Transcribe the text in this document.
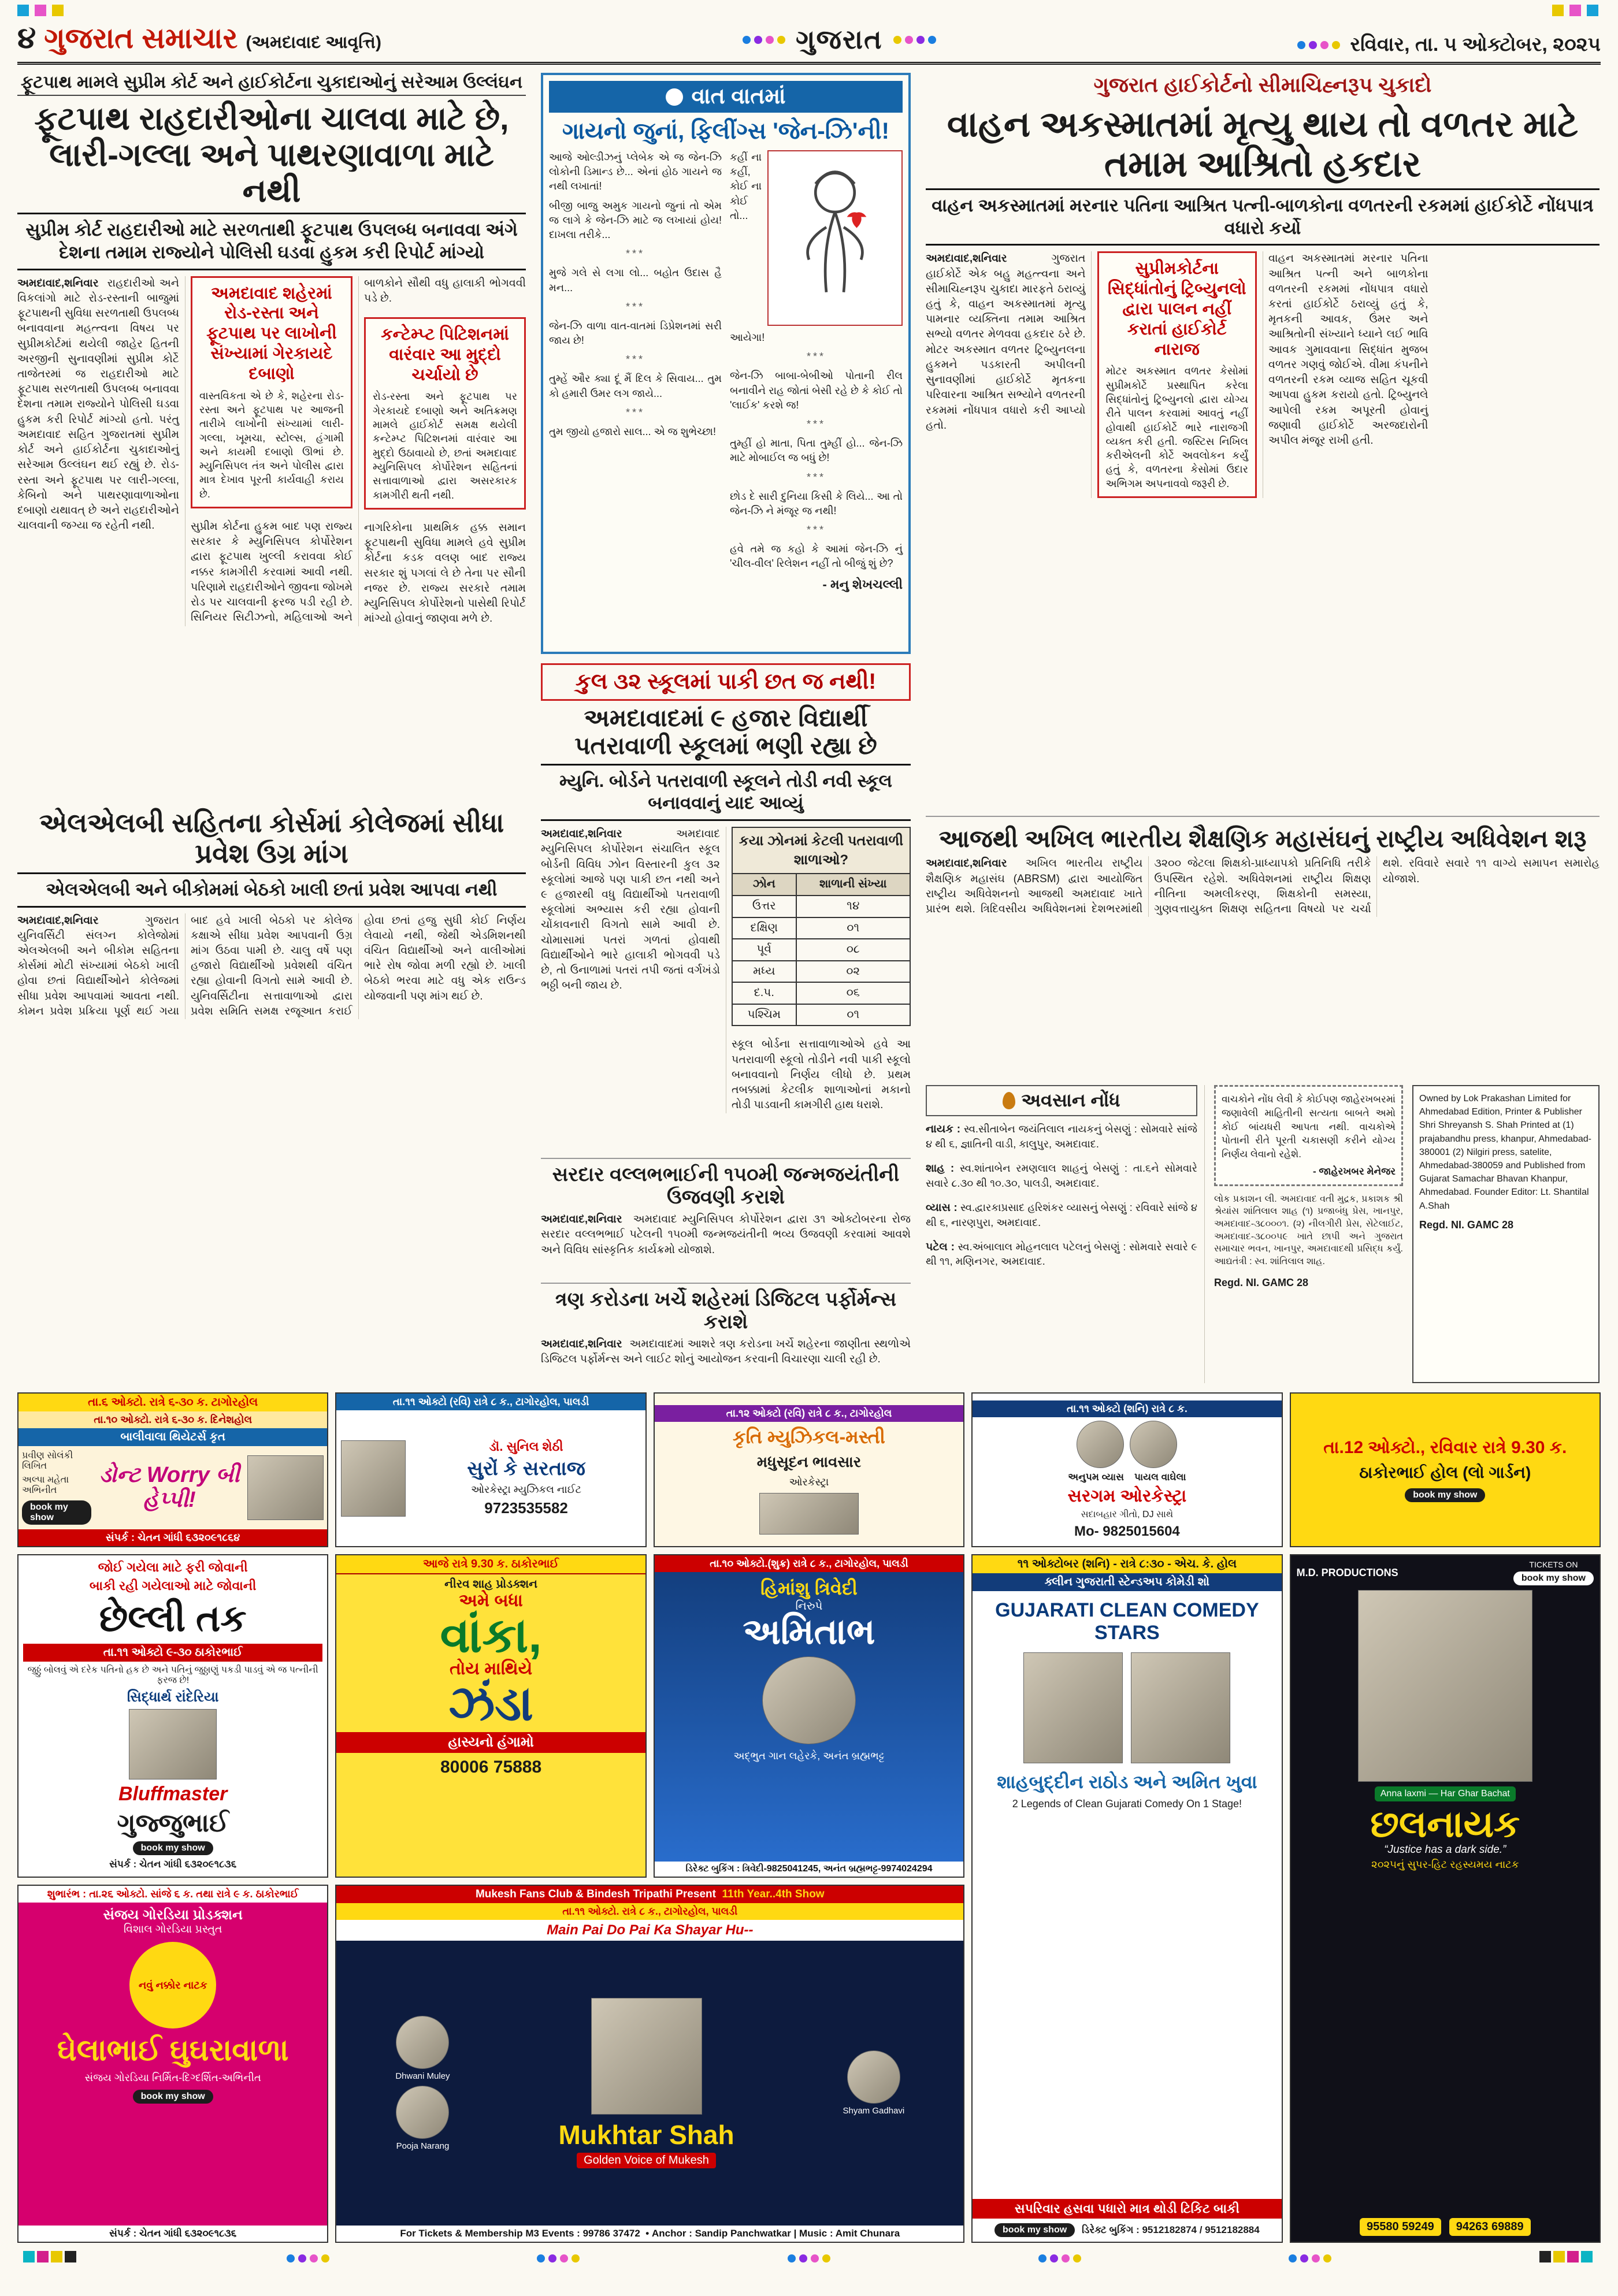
૪ ગુજરાત સમાચાર (અમદાવાદ આવૃત્તિ)	ગુજરાત	રવિવાર, તા. ૫ ઓક્ટોબર, ૨૦૨૫
ફૂટપાથ મામલે સુપ્રીમ કોર્ટ અને હાઈકોર્ટના ચુકાદાઓનું સરેઆમ ઉલ્લંઘન
ફૂટપાથ રાહદારીઓના ચાલવા માટે છે, લારી-ગલ્લા અને પાથરણાવાળા માટે નથી
સુપ્રીમ કોર્ટ રાહદારીઓ માટે સરળતાથી ફૂટપાથ ઉપલબ્ધ બનાવવા અંગે દેશના તમામ રાજ્યોને પોલિસી ઘડવા હુકમ કરી રિપોર્ટ માંગ્યો

અમદાવાદ,શનિવાર રાહદારીઓ અને વિકલાંગો માટે રોડ-રસ્તાની બાજુમાં ફૂટપાથની સુવિધા સરળતાથી ઉપલબ્ધ બનાવવાના મહત્ત્વના વિષય પર સુપ્રીમકોર્ટમાં થયેલી જાહેર હિતની અરજીની સુનાવણીમાં સુપ્રીમ કોર્ટે તાજેતરમાં જ રાહદારીઓ માટે ફૂટપાથ સરળતાથી ઉપલબ્ધ બનાવવા દેશના તમામ રાજ્યોને પોલિસી ઘડવા હુકમ કરી રિપોર્ટ માંગ્યો હતો. પરંતુ અમદાવાદ સહિત ગુજરાતમાં સુપ્રીમ કોર્ટ અને હાઈકોર્ટના ચુકાદાઓનું સરેઆમ ઉલ્લંઘન થઈ રહ્યું છે. રોડ-રસ્તા અને ફૂટપાથ પર લારી-ગલ્લા, કેબિનો અને પાથરણાવાળાઓના દબાણો યથાવત્ છે અને રાહદારીઓને ચાલવાની જગ્યા જ રહેતી નથી.

અમદાવાદ શહેરમાં રોડ-રસ્તા અને ફૂટપાથ પર લાખોની સંખ્યામાં ગેરકાયદે દબાણો

વાસ્તવિકતા એ છે કે, શહેરના રોડ-રસ્તા અને ફૂટપાથ પર આજની તારીખે લાખોની સંખ્યામાં લારી-ગલ્લા, ખૂમચા, સ્ટોલ્સ, હંગામી અને કાયમી દબાણો ઊભાં છે. મ્યુનિસિપલ તંત્ર અને પોલીસ દ્વારા માત્ર દેખાવ પૂરતી કાર્યવાહી કરાય છે.

સુપ્રીમ કોર્ટના હુકમ બાદ પણ રાજ્ય સરકાર કે મ્યુનિસિપલ કોર્પોરેશન દ્વારા ફૂટપાથ ખુલ્લી કરાવવા કોઈ નક્કર કામગીરી કરવામાં આવી નથી. પરિણામે રાહદારીઓને જીવના જોખમે રોડ પર ચાલવાની ફરજ પડી રહી છે. સિનિયર સિટીઝનો, મહિલાઓ અને બાળકોને સૌથી વધુ હાલાકી ભોગવવી પડે છે.

કન્ટેમ્પ્ટ પિટિશનમાં વારંવાર આ મુદ્દો ચર્ચાયો છે

રોડ-રસ્તા અને ફૂટપાથ પર ગેરકાયદે દબાણો અને અતિક્રમણ મામલે હાઈકોર્ટ સમક્ષ થયેલી કન્ટેમ્પ્ટ પિટિશનમાં વારંવાર આ મુદ્દો ઉઠાવાયો છે, છતાં અમદાવાદ મ્યુનિસિપલ કોર્પોરેશન સહિતનાં સત્તાવાળાઓ દ્વારા અસરકારક કામગીરી થતી નથી.

નાગરિકોના પ્રાથમિક હક્ક સમાન ફૂટપાથની સુવિધા મામલે હવે સુપ્રીમ કોર્ટના કડક વલણ બાદ રાજ્ય સરકાર શું પગલાં લે છે તેના પર સૌની નજર છે. રાજ્ય સરકારે તમામ મ્યુનિસિપલ કોર્પોરેશનો પાસેથી રિપોર્ટ માંગ્યો હોવાનું જાણવા મળે છે.

એલએલબી સહિતના કોર્સમાં કોલેજમાં સીધા પ્રવેશ ઉગ્ર માંગ
એલએલબી અને બીકોમમાં બેઠકો ખાલી છતાં પ્રવેશ આપવા નથી

અમદાવાદ,શનિવાર	ગુજરાત યુનિવર્સિટી સંલગ્ન કોલેજોમાં એલએલબી અને બીકોમ સહિતના કોર્સમાં મોટી સંખ્યામાં બેઠકો ખાલી હોવા છતાં વિદ્યાર્થીઓને કોલેજમાં સીધા પ્રવેશ આપવામાં આવતા નથી. કોમન પ્રવેશ પ્રક્રિયા પૂર્ણ થઈ ગયા બાદ હવે ખાલી બેઠકો પર કોલેજ કક્ષાએ સીધા પ્રવેશ આપવાની ઉગ્ર માંગ ઉઠવા પામી છે. ચાલુ વર્ષે પણ હજારો વિદ્યાર્થીઓ પ્રવેશથી વંચિત રહ્યા હોવાની વિગતો સામે આવી છે. યુનિવર્સિટીના સત્તાવાળાઓ દ્વારા પ્રવેશ સમિતિ સમક્ષ રજૂઆત કરાઈ હોવા છતાં હજુ સુધી કોઈ નિર્ણય લેવાયો નથી, જેથી એડમિશનથી વંચિત વિદ્યાર્થીઓ અને વાલીઓમાં ભારે રોષ જોવા મળી રહ્યો છે. ખાલી બેઠકો ભરવા માટે વધુ એક રાઉન્ડ યોજવાની પણ માંગ થઈ છે.

વાત વાતમાં
ગાયનો જુનાં, ફિલીંગ્સ 'જેન-ઝિ'ની!
આજે ઓલ્ડીઝનું પ્લેબેક એ જ જેન-ઝિ લોકોની ડિમાન્ડ છે... એનાં હોઠ ગાયને જ નથી લખાતાં!
બીજી બાજુ અમુક ગાયનો જુનાં તો એમ જ લાગે કે જેન-ઝિ માટે જ લખાયાં હોય! દાખલા તરીકે...
***
મુજે ગલે સે લગા લો... બહોત ઉદાસ હૈ મન...
***
જેન-ઝિ વાળા વાત-વાતમાં ડિપ્રેશનમાં સરી જાય છે!
***
તુમ્હેં ઔર ક્યા દૂં મૈં દિલ કે સિવાય... તુમ કો હમારી ઉમર લગ જાયે...
***
તુમ જીયો હજારો સાલ... એ જ શુભેચ્છા!
કહીં ના કહીં, કોઈ ના કોઈ તો... આયેગા!
***
જેન-ઝિ બાબા-બેબીઓ પોતાની રીલ બનાવીને રાહ જોતાં બેસી રહે છે કે કોઈ તો 'લાઈક' કરશે જ!
***
તુમ્હીં હો માતા, પિતા તુમ્હીં હો... જેન-ઝિ માટે મોબાઈલ જ બધું છે!
***
છોડ દે સારી દુનિયા કિસી કે લિયે... આ તો જેન-ઝિ ને મંજૂર જ નથી!
***
હવે તમે જ કહો કે આમાં જેન-ઝિ નું 'ચીલ-વીલ' રિલેશન નહીં તો બીજું શું છે?
- મનુ શેખચલ્લી
કુલ ૩૨ સ્કૂલમાં પાકી છત જ નથી!
અમદાવાદમાં ૯ હજાર વિદ્યાર્થી પતરાવાળી સ્કૂલમાં ભણી રહ્યા છે
મ્યુનિ. બોર્ડને પતરાવાળી સ્કૂલને તોડી નવી સ્કૂલ બનાવવાનું યાદ આવ્યું

અમદાવાદ,શનિવાર	અમદાવાદ મ્યુનિસિપલ કોર્પોરેશન સંચાલિત સ્કૂલ બોર્ડની વિવિધ ઝોન વિસ્તારની કુલ ૩૨ સ્કૂલોમાં આજે પણ પાકી છત નથી અને ૯ હજારથી વધુ વિદ્યાર્થીઓ પતરાવાળી સ્કૂલોમાં અભ્યાસ કરી રહ્યા હોવાની ચોંકાવનારી વિગતો સામે આવી છે. ચોમાસામાં પતરાં ગળતાં હોવાથી વિદ્યાર્થીઓને ભારે હાલાકી ભોગવવી પડે છે, તો ઉનાળામાં પતરાં તપી જતાં વર્ગખંડો ભઠ્ઠી બની જાય છે.

કયા ઝોનમાં કેટલી પતરાવાળી શાળાઓ?
ઝોન	શાળાની સંખ્યા
ઉત્તર	૧૪
દક્ષિણ	૦૧
પૂર્વ	૦૮
મધ્ય	૦૨
દ.પ.	૦૬
પશ્ચિમ	૦૧

સ્કૂલ બોર્ડના સત્તાવાળાઓએ હવે આ પતરાવાળી સ્કૂલો તોડીને નવી પાકી સ્કૂલો બનાવવાનો નિર્ણય લીધો છે. પ્રથમ તબક્કામાં કેટલીક શાળાઓનાં મકાનો તોડી પાડવાની કામગીરી હાથ ધરાશે.

સરદાર વલ્લભભાઈની ૧૫૦મી જન્મજયંતીની ઉજવણી કરાશે

અમદાવાદ,શનિવાર અમદાવાદ મ્યુનિસિપલ કોર્પોરેશન દ્વારા ૩૧ ઓક્ટોબરના રોજ સરદાર વલ્લભભાઈ પટેલની ૧૫૦મી જન્મજયંતીની ભવ્ય ઉજવણી કરવામાં આવશે અને વિવિધ સાંસ્કૃતિક કાર્યક્રમો યોજાશે.

ત્રણ કરોડના ખર્ચે શહેરમાં ડિજિટલ પર્ફોર્મન્સ કરાશે

અમદાવાદ,શનિવાર અમદાવાદમાં આશરે ત્રણ કરોડના ખર્ચે શહેરના જાણીતા સ્થળોએ ડિજિટલ પર્ફોર્મન્સ અને લાઈટ શોનું આયોજન કરવાની વિચારણા ચાલી રહી છે.

ગુજરાત હાઈકોર્ટનો સીમાચિહ્નરૂપ ચુકાદો
વાહન અકસ્માતમાં મૃત્યુ થાય તો વળતર માટે તમામ આશ્રિતો હકદાર
વાહન અકસ્માતમાં મરનાર પતિના આશ્રિત પત્ની-બાળકોના વળતરની રકમમાં હાઈકોર્ટે નોંધપાત્ર વધારો કર્યો

અમદાવાદ,શનિવાર	ગુજરાત હાઈકોર્ટે એક બહુ મહત્ત્વના અને સીમાચિહ્નરૂપ ચુકાદા મારફતે ઠરાવ્યું હતું કે, વાહન અકસ્માતમાં મૃત્યુ પામનાર વ્યક્તિના તમામ આશ્રિત સભ્યો વળતર મેળવવા હકદાર ઠરે છે. મોટર અકસ્માત વળતર ટ્રિબ્યુનલના હુકમને પડકારતી અપીલની સુનાવણીમાં હાઈકોર્ટે મૃતકના પરિવારના આશ્રિત સભ્યોને વળતરની રકમમાં નોંધપાત્ર વધારો કરી આપ્યો હતો.

સુપ્રીમકોર્ટના સિદ્ધાંતોનું ટ્રિબ્યુનલો દ્વારા પાલન નહીં કરાતાં હાઈકોર્ટ નારાજ

મોટર અકસ્માત વળતર કેસોમાં સુપ્રીમકોર્ટે પ્રસ્થાપિત કરેલા સિદ્ધાંતોનું ટ્રિબ્યુનલો દ્વારા યોગ્ય રીતે પાલન કરવામાં આવતું નહીં હોવાથી હાઈકોર્ટે ભારે નારાજગી વ્યક્ત કરી હતી. જસ્ટિસ નિખિલ કરીએલની કોર્ટે અવલોકન કર્યું હતું કે, વળતરના કેસોમાં ઉદાર અભિગમ અપનાવવો જરૂરી છે.

વાહન અકસ્માતમાં મરનાર પતિના આશ્રિત પત્ની અને બાળકોના વળતરની રકમમાં નોંધપાત્ર વધારો કરતાં હાઈકોર્ટે ઠરાવ્યું હતું કે, મૃતકની આવક, ઉંમર અને આશ્રિતોની સંખ્યાને ધ્યાને લઈ ભાવિ આવક ગુમાવવાના સિદ્ધાંત મુજબ વળતર ગણવું જોઈએ. વીમા કંપનીને વળતરની રકમ વ્યાજ સહિત ચૂકવી આપવા હુકમ કરાયો હતો. ટ્રિબ્યુનલે આપેલી રકમ અપૂરતી હોવાનું જણાવી હાઈકોર્ટે અરજદારોની અપીલ મંજૂર રાખી હતી.

આજથી અખિલ ભારતીય શૈક્ષણિક મહાસંઘનું રાષ્ટ્રીય અધિવેશન શરૂ

અમદાવાદ,શનિવાર અખિલ ભારતીય રાષ્ટ્રીય શૈક્ષણિક મહાસંઘ (ABRSM) દ્વારા આયોજિત રાષ્ટ્રીય અધિવેશનનો આજથી અમદાવાદ ખાતે પ્રારંભ થશે. ત્રિદિવસીય અધિવેશનમાં દેશભરમાંથી ૩૨૦૦ જેટલા શિક્ષકો-પ્રાધ્યાપકો પ્રતિનિધિ તરીકે ઉપસ્થિત રહેશે. અધિવેશનમાં રાષ્ટ્રીય શિક્ષણ નીતિના અમલીકરણ, શિક્ષકોની સમસ્યા, ગુણવત્તાયુક્ત શિક્ષણ સહિતના વિષયો પર ચર્ચા થશે. રવિવારે સવારે ૧૧ વાગ્યે સમાપન સમારોહ યોજાશે.

અવસાન નોંધ

નાયક : સ્વ.સીતાબેન જયંતિલાલ નાયકનું બેસણું : સોમવારે સાંજે ૪ થી ૬, જ્ઞાતિની વાડી, કાલુપુર, અમદાવાદ.

શાહ : સ્વ.શાંતાબેન રમણલાલ શાહનું બેસણું : તા.૬ને સોમવારે સવારે ૮.૩૦ થી ૧૦.૩૦, પાલડી, અમદાવાદ.

વ્યાસ : સ્વ.દ્વારકાપ્રસાદ હરિશંકર વ્યાસનું બેસણું : રવિવારે સાંજે ૪ થી ૬, નારણપુરા, અમદાવાદ.

પટેલ : સ્વ.અંબાલાલ મોહનલાલ પટેલનું બેસણું : સોમવારે સવારે ૯ થી ૧૧, મણિનગર, અમદાવાદ.

વાચકોને નોંધ લેવી કે કોઈપણ જાહેરખબરમાં જણાવેલી માહિતીની સત્યતા બાબતે અમો કોઈ બાંયધરી આપતા નથી. વાચકોએ પોતાની રીતે પૂરતી ચકાસણી કરીને યોગ્ય નિર્ણય લેવાનો રહેશે.
- જાહેરખબર મેનેજર

લોક પ્રકાશન લી. અમદાવાદ વતી મુદ્રક, પ્રકાશક શ્રી શ્રેયાંસ શાંતિલાલ શાહ (૧) પ્રજાબંધુ પ્રેસ, ખાનપુર, અમદાવાદ-૩૮૦૦૦૧. (૨) નીલગીરી પ્રેસ, સેટેલાઈટ, અમદાવાદ-૩૮૦૦૫૯ ખાતે છાપી અને ગુજરાત સમાચાર ભવન, ખાનપુર, અમદાવાદથી પ્રસિદ્ધ કર્યું. આદ્યતંત્રી : સ્વ. શાંતિલાલ શાહ.

Regd. NI. GAMC 28
Owned by Lok Prakashan Limited for Ahmedabad Edition, Printer & Publisher Shri Shreyansh S. Shah Printed at (1) prajabandhu press, khanpur, Ahmedabad-380001 (2) Nilgiri press, satelite, Ahmedabad-380059 and Published from Gujarat Samachar Bhavan Khanpur, Ahmedabad. Founder Editor: Lt. Shantilal A.Shah
Regd. NI. GAMC 28
તા.૬ ઓક્ટો. રાત્રે ૬-૩૦ ક. ટાગોરહોલ
તા.૧૦ ઓક્ટો. રાત્રે ૬-૩૦ ક. દિનેશહોલ
બાલીવાલા થિયેટર્સ કૃત
પ્રવીણ સોલંકી લિખિત
અલ્પા મહેતા અભિનીત
book my show
ડોન્ટ Worry બી હેપ્પી!
સંપર્ક : ચેતન ગાંધી ૬૩૨૦૯૧૮૬૪
તા.૧૧ ઓક્ટો (રવિ) રાત્રે ૮ ક., ટાગોરહોલ, પાલડી
ડૉ. સુનિલ શેઠી
સુરોં કે સરતાજ
ઓરકેસ્ટ્રા મ્યુઝિકલ નાઈટ
9723535582
તા.૧૨ ઓક્ટો (રવિ) રાત્રે ૮ ક., ટાગોરહોલ
કૃતિ મ્યુઝિકલ-મસ્તી
મધુસૂદન ભાવસાર
ઓરકેસ્ટ્રા
તા.૧૧ ઓક્ટો (શનિ) રાત્રે ૮ ક.
અનુપમ વ્યાસ પાયલ વાઘેલા
સરગમ ઓરકેસ્ટ્રા
સદાબહાર ગીતો, DJ સાથે
Mo- 9825015604
તા.12 ઓક્ટો., રવિવાર રાત્રે 9.30 ક.
ઠાકોરભાઈ હોલ (લો ગાર્ડન)
book my show
જોઈ ગયેલા માટે ફરી જોવાની
બાકી રહી ગયેલાઓ માટે જોવાની
છેલ્લી તક
તા.૧૧ ઓક્ટો ૯-૩૦ ઠાકોરભાઈ
જુઠ્ઠું બોલવું એ દરેક પતિનો હક છે અને પતિનું જુઠ્ઠાણું પકડી પાડવું એ જ પત્નીની ફરજ છે!
સિદ્ધાર્થ રાંદેરિયા
Bluffmaster
ગુજ્જુભાઈ
book my show
સંપર્ક : ચેતન ગાંધી ૬૩૨૦૯૧૮૩૬
આજે રાત્રે 9.30 ક. ઠાકોરભાઈ
નીરવ શાહ પ્રોડક્શન
અમે બધા
વાંકા,
તોય માથિયે
ઝંડા
હાસ્યનો હંગામો
80006 75888
તા.૧૦ ઓક્ટો.(શુક્ર) રાત્રે ૮ ક., ટાગોરહોલ, પાલડી
હિમાંશુ ત્રિવેદી
નિરુપે
અમિતાભ
અદ્ભુત ગાન લહેરકે, અનંત બ્રહ્મભટ્ટ
ડિરેક્ટ બુકિંગ : ત્રિવેદી-9825041245, અનંત બ્રહ્મભટ્ટ-9974024294
૧૧ ઓક્ટોબર (શનિ) - રાત્રે ૮:૩૦ - એચ. કે. હોલ
ક્લીન ગુજરાતી સ્ટેન્ડઅપ કોમેડી શો
GUJARATI CLEAN COMEDY STARS
શાહબુદ્દીન રાઠોડ અને અમિત ખુવા
2 Legends of Clean Gujarati Comedy On 1 Stage!
સપરિવાર હસવા પધારો માત્ર થોડી ટિકિટ બાકી
book my show	ડિરેક્ટ બુકિંગ : 9512182874 / 9512182884
M.D. PRODUCTIONS
TICKETS ON
book my show
Anna laxmi — Har Ghar Bachat
છલનાયક
“Justice has a dark side.”
૨૦૨૫નું સુપર-હિટ રહસ્યમય નાટક
95580 59249	94263 69889
શુભારંભ : તા.૨૬ ઓક્ટો. સાંજે ૬ ક. તથા રાત્રે ૯ ક. ઠાકોરભાઈ
સંજય ગોરડિયા પ્રોડક્શન
વિશાલ ગોરડિયા પ્રસ્તુત
નવું નક્કોર નાટક
ઘેલાભાઈ ઘુઘરાવાળા
સંજય ગોરડિયા નિર્મિત-દિગ્દર્શિત-અભિનીત
book my show
સંપર્ક : ચેતન ગાંધી ૬૩૨૦૯૧૮૩૬
Mukesh Fans Club & Bindesh Tripathi Present 11th Year..4th Show
તા.૧૧ ઓક્ટો. રાત્રે ૮ ક., ટાગોરહોલ, પાલડી
Main Pai Do Pai Ka Shayar Hu--
Dhwani Muley
Pooja Narang	Mukhtar Shah
Golden Voice of Mukesh
Shyam Gadhavi
For Tickets & Membership M3 Events : 99786 37472  • Anchor : Sandip Panchwatkar | Music : Amit Chunara
